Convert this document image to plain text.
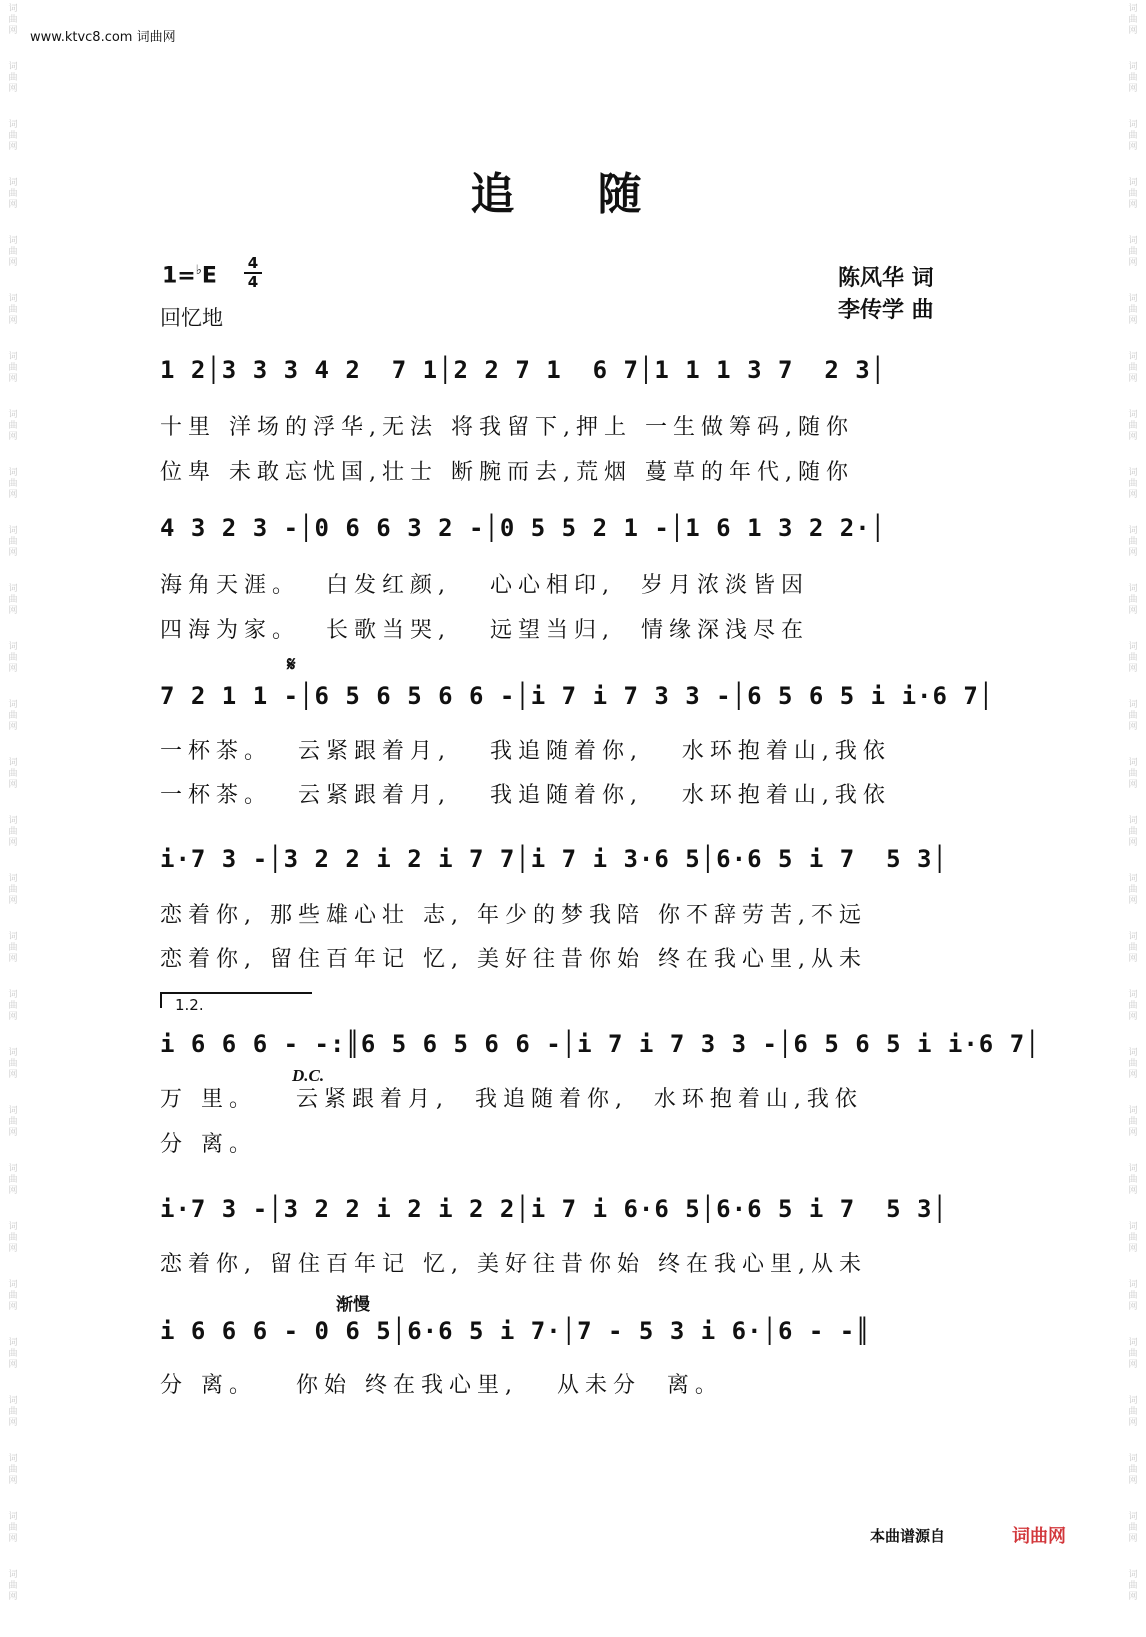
词
曲
网
词
曲
网
词
曲
网
词
曲
网
词
曲
网
词
曲
网
词
曲
网
词
曲
网
词
曲
网
词
曲
网
词
曲
网
词
曲
网
词
曲
网
词
曲
网
词
曲
网
词
曲
网
词
曲
网
词
曲
网
词
曲
网
词
曲
网
词
曲
网
词
曲
网
词
曲
网
词
曲
网
词
曲
网
词
曲
网
词
曲
网
词
曲
网
词
曲
网
词
曲
网
词
曲
网
词
曲
网
词
曲
网
词
曲
网
词
曲
网
词
曲
网
词
曲
网
词
曲
网
词
曲
网
词
曲
网
词
曲
网
词
曲
网
词
曲
网
词
曲
网
词
曲
网
词
曲
网
词
曲
网
词
曲
网
词
曲
网
词
曲
网
词
曲
网
词
曲
网
词
曲
网
词
曲
网
词
曲
网
词
曲
网
www.ktvc8.com 词曲网
追 随
1=♭E
4
4
回忆地
陈风华 词
李传学 曲
1 2│3 3 3 4 2  7 1│2 2 7 1  6 7│1 1 1 3 7  2 3│
十里 洋场的浮华,无法 将我留下,押上 一生做筹码,随你
位卑 未敢忘忧国,壮士 断腕而去,荒烟 蔓草的年代,随你
4 3 2 3 -│0 6 6 3 2 -│0 5 5 2 1 -│1 6 1 3 2 2·│
海角天涯。  白发红颜,   心心相印,  岁月浓淡皆因
四海为家。  长歌当哭,   远望当归,  情缘深浅尽在
𝄋
7 2 1 1 -│6 5 6 5 6 6 -│i 7 i 7 3 3 -│6 5 6 5 i i·6 7│
一杯茶。  云紧跟着月,   我追随着你,   水环抱着山,我依
一杯茶。  云紧跟着月,   我追随着你,   水环抱着山,我依
i·7 3 -│3 2 2 i 2 i 7 7│i 7 i 3·6 5│6·6 5 i 7  5 3│
恋着你, 那些雄心壮 志, 年少的梦我陪 你不辞劳苦,不远
恋着你, 留住百年记 忆, 美好往昔你始 终在我心里,从未
1.2.
i 6 6 6 - -:║6 5 6 5 6 6 -│i 7 i 7 3 3 -│6 5 6 5 i i·6 7│
D.C.
万 里。   云紧跟着月,  我追随着你,  水环抱着山,我依
分 离。
i·7 3 -│3 2 2 i 2 i 2 2│i 7 i 6·6 5│6·6 5 i 7  5 3│
恋着你, 留住百年记 忆, 美好往昔你始 终在我心里,从未
渐慢
i 6 6 6 - 0 6 5│6·6 5 i 7·│7 - 5 3 i 6·│6 - -║
分 离。   你始 终在我心里,   从未分  离。
本曲谱源自	词曲网
